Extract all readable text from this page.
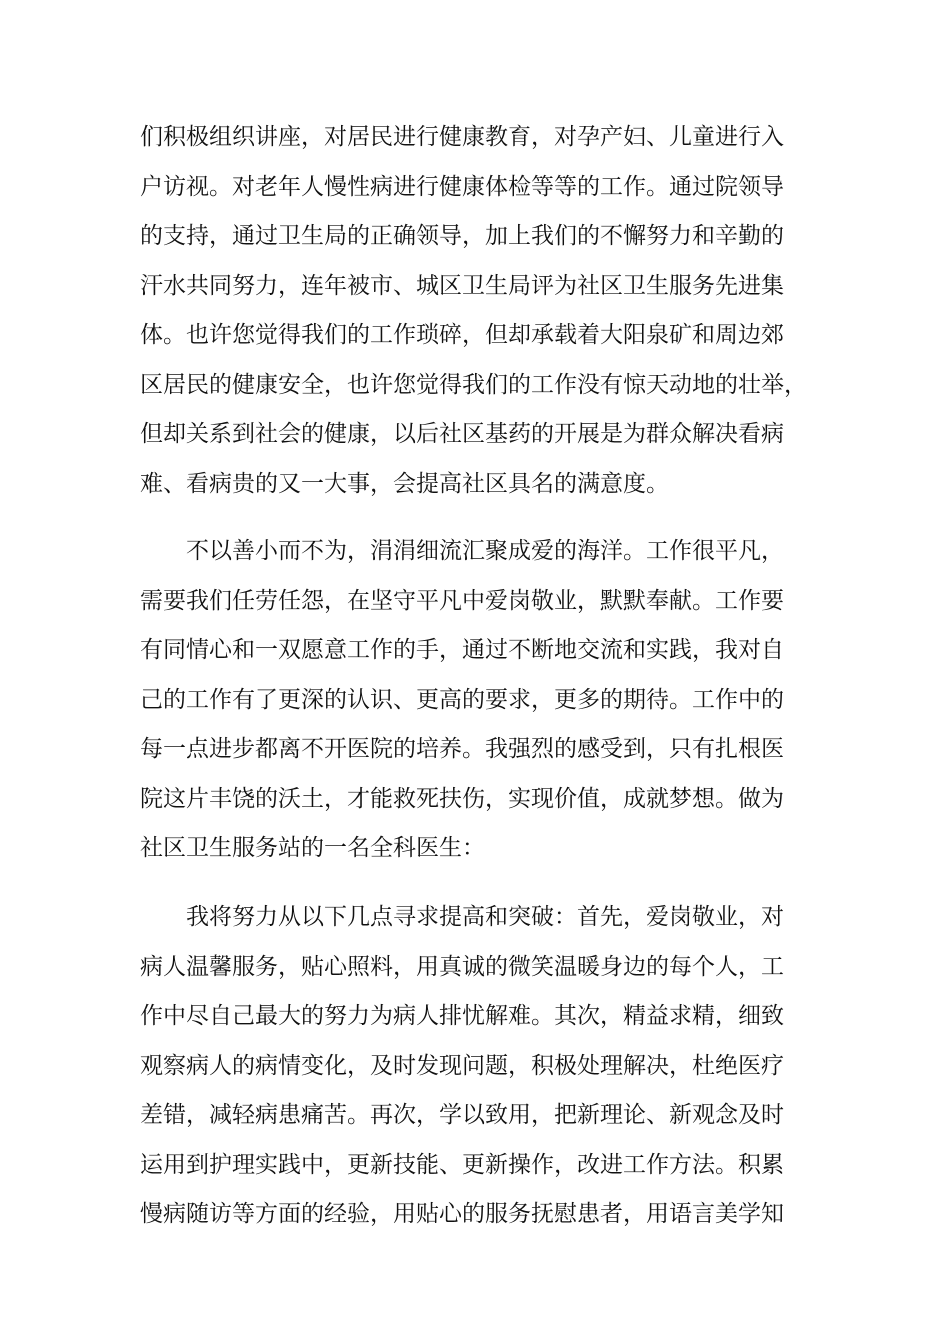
们积极组织讲座，对居民进行健康教育，对孕产妇、儿童进行入
户访视。对老年人慢性病进行健康体检等等的工作。通过院领导
的支持，通过卫生局的正确领导，加上我们的不懈努力和辛勤的
汗水共同努力，连年被市、城区卫生局评为社区卫生服务先进集
体。也许您觉得我们的工作琐碎，但却承载着大阳泉矿和周边郊
区居民的健康安全，也许您觉得我们的工作没有惊天动地的壮举，
但却关系到社会的健康，以后社区基药的开展是为群众解决看病
难、看病贵的又一大事，会提高社区具名的满意度。
不以善小而不为，涓涓细流汇聚成爱的海洋。工作很平凡，
需要我们任劳任怨，在坚守平凡中爱岗敬业，默默奉献。工作要
有同情心和一双愿意工作的手，通过不断地交流和实践，我对自
己的工作有了更深的认识、更高的要求，更多的期待。工作中的
每一点进步都离不开医院的培养。我强烈的感受到，只有扎根医
院这片丰饶的沃土，才能救死扶伤，实现价值，成就梦想。做为
社区卫生服务站的一名全科医生：
我将努力从以下几点寻求提高和突破：首先，爱岗敬业，对
病人温馨服务，贴心照料，用真诚的微笑温暖身边的每个人，工
作中尽自己最大的努力为病人排忧解难。其次，精益求精，细致
观察病人的病情变化，及时发现问题，积极处理解决，杜绝医疗
差错，减轻病患痛苦。再次，学以致用，把新理论、新观念及时
运用到护理实践中，更新技能、更新操作，改进工作方法。积累
慢病随访等方面的经验，用贴心的服务抚慰患者，用语言美学知
